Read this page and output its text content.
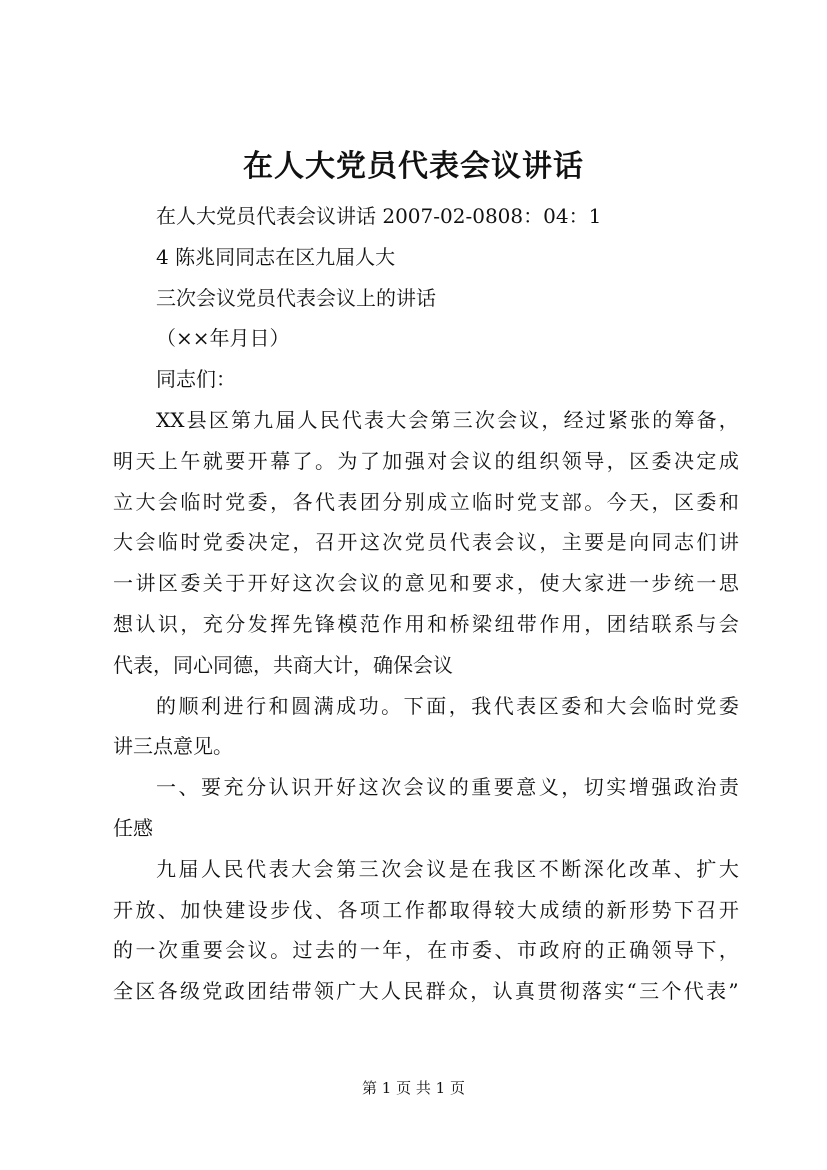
在人大党员代表会议讲话
在人大党员代表会议讲话 2007-02-0808：04：1
4 陈兆同同志在区九届人大
三次会议党员代表会议上的讲话
（××年月日）
同志们：
XX 县 区 第 九 届 人 民 代 表 大 会 第 三 次 会 议 ， 经 过 紧 张 的 筹 备 ，
明 天 上 午 就 要 开 幕 了 。 为 了 加 强 对 会 议 的 组 织 领 导 ， 区 委 决 定 成
立 大 会 临 时 党 委 ， 各 代 表 团 分 别 成 立 临 时 党 支 部 。 今 天 ， 区 委 和
大 会 临 时 党 委 决 定 ， 召 开 这 次 党 员 代 表 会 议 ， 主 要 是 向 同 志 们 讲
一 讲 区 委 关 于 开 好 这 次 会 议 的 意 见 和 要 求 ， 使 大 家 进 一 步 统 一 思
想 认 识 ， 充 分 发 挥 先 锋 模 范 作 用 和 桥 梁 纽 带 作 用 ， 团 结 联 系 与 会
代表，同心同德，共商大计，确保会议
的 顺 利 进 行 和 圆 满 成 功 。 下 面 ， 我 代 表 区 委 和 大 会 临 时 党 委
讲三点意见。
一 、 要 充 分 认 识 开 好 这 次 会 议 的 重 要 意 义 ， 切 实 增 强 政 治 责
任感
九 届 人 民 代 表 大 会 第 三 次 会 议 是 在 我 区 不 断 深 化 改 革 、 扩 大
开 放 、 加 快 建 设 步 伐 、 各 项 工 作 都 取 得 较 大 成 绩 的 新 形 势 下 召 开
的 一 次 重 要 会 议 。 过 去 的 一 年 ， 在 市 委 、 市 政 府 的 正 确 领 导 下 ，
全 区 各 级 党 政 团 结 带 领 广 大 人 民 群 众 ， 认 真 贯 彻 落 实 “ 三 个 代 表 ”
第 1 页 共 1 页
